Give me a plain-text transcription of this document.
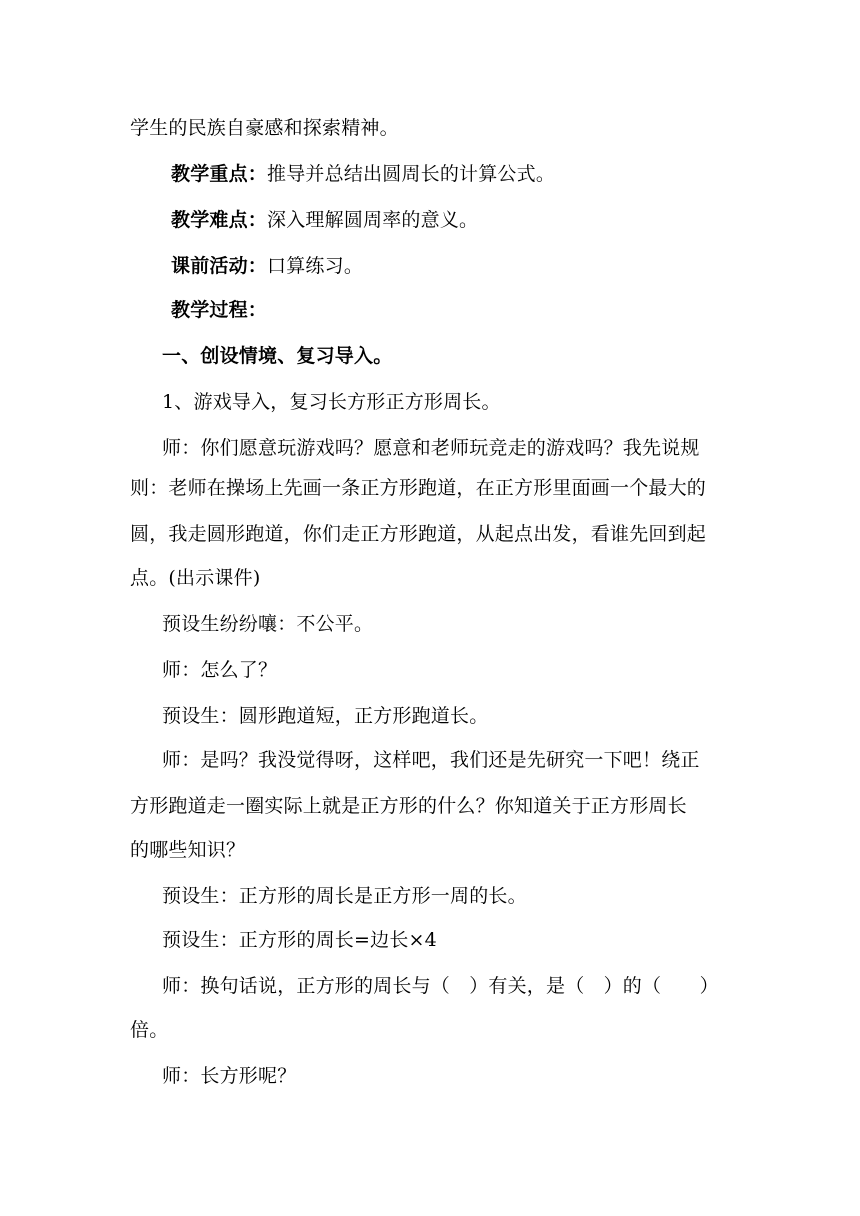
学生的民族自豪感和探索精神。
教学重点：推导并总结出圆周长的计算公式。
教学难点：深入理解圆周率的意义。
课前活动：口算练习。
教学过程：
一、创设情境、复习导入。
1、游戏导入，复习长方形正方形周长。
师：你们愿意玩游戏吗？愿意和老师玩竞走的游戏吗？我先说规
则：老师在操场上先画一条正方形跑道，在正方形里面画一个最大的
圆，我走圆形跑道，你们走正方形跑道，从起点出发，看谁先回到起
点。(出示课件)
预设生纷纷嚷：不公平。
师：怎么了？
预设生：圆形跑道短，正方形跑道长。
师：是吗？我没觉得呀，这样吧，我们还是先研究一下吧！绕正
方形跑道走一圈实际上就是正方形的什么？你知道关于正方形周长
的哪些知识？
预设生：正方形的周长是正方形一周的长。
预设生：正方形的周长=边长×4
师：换句话说，正方形的周长与（　）有关，是（　）的（　　）
倍。
师：长方形呢？
